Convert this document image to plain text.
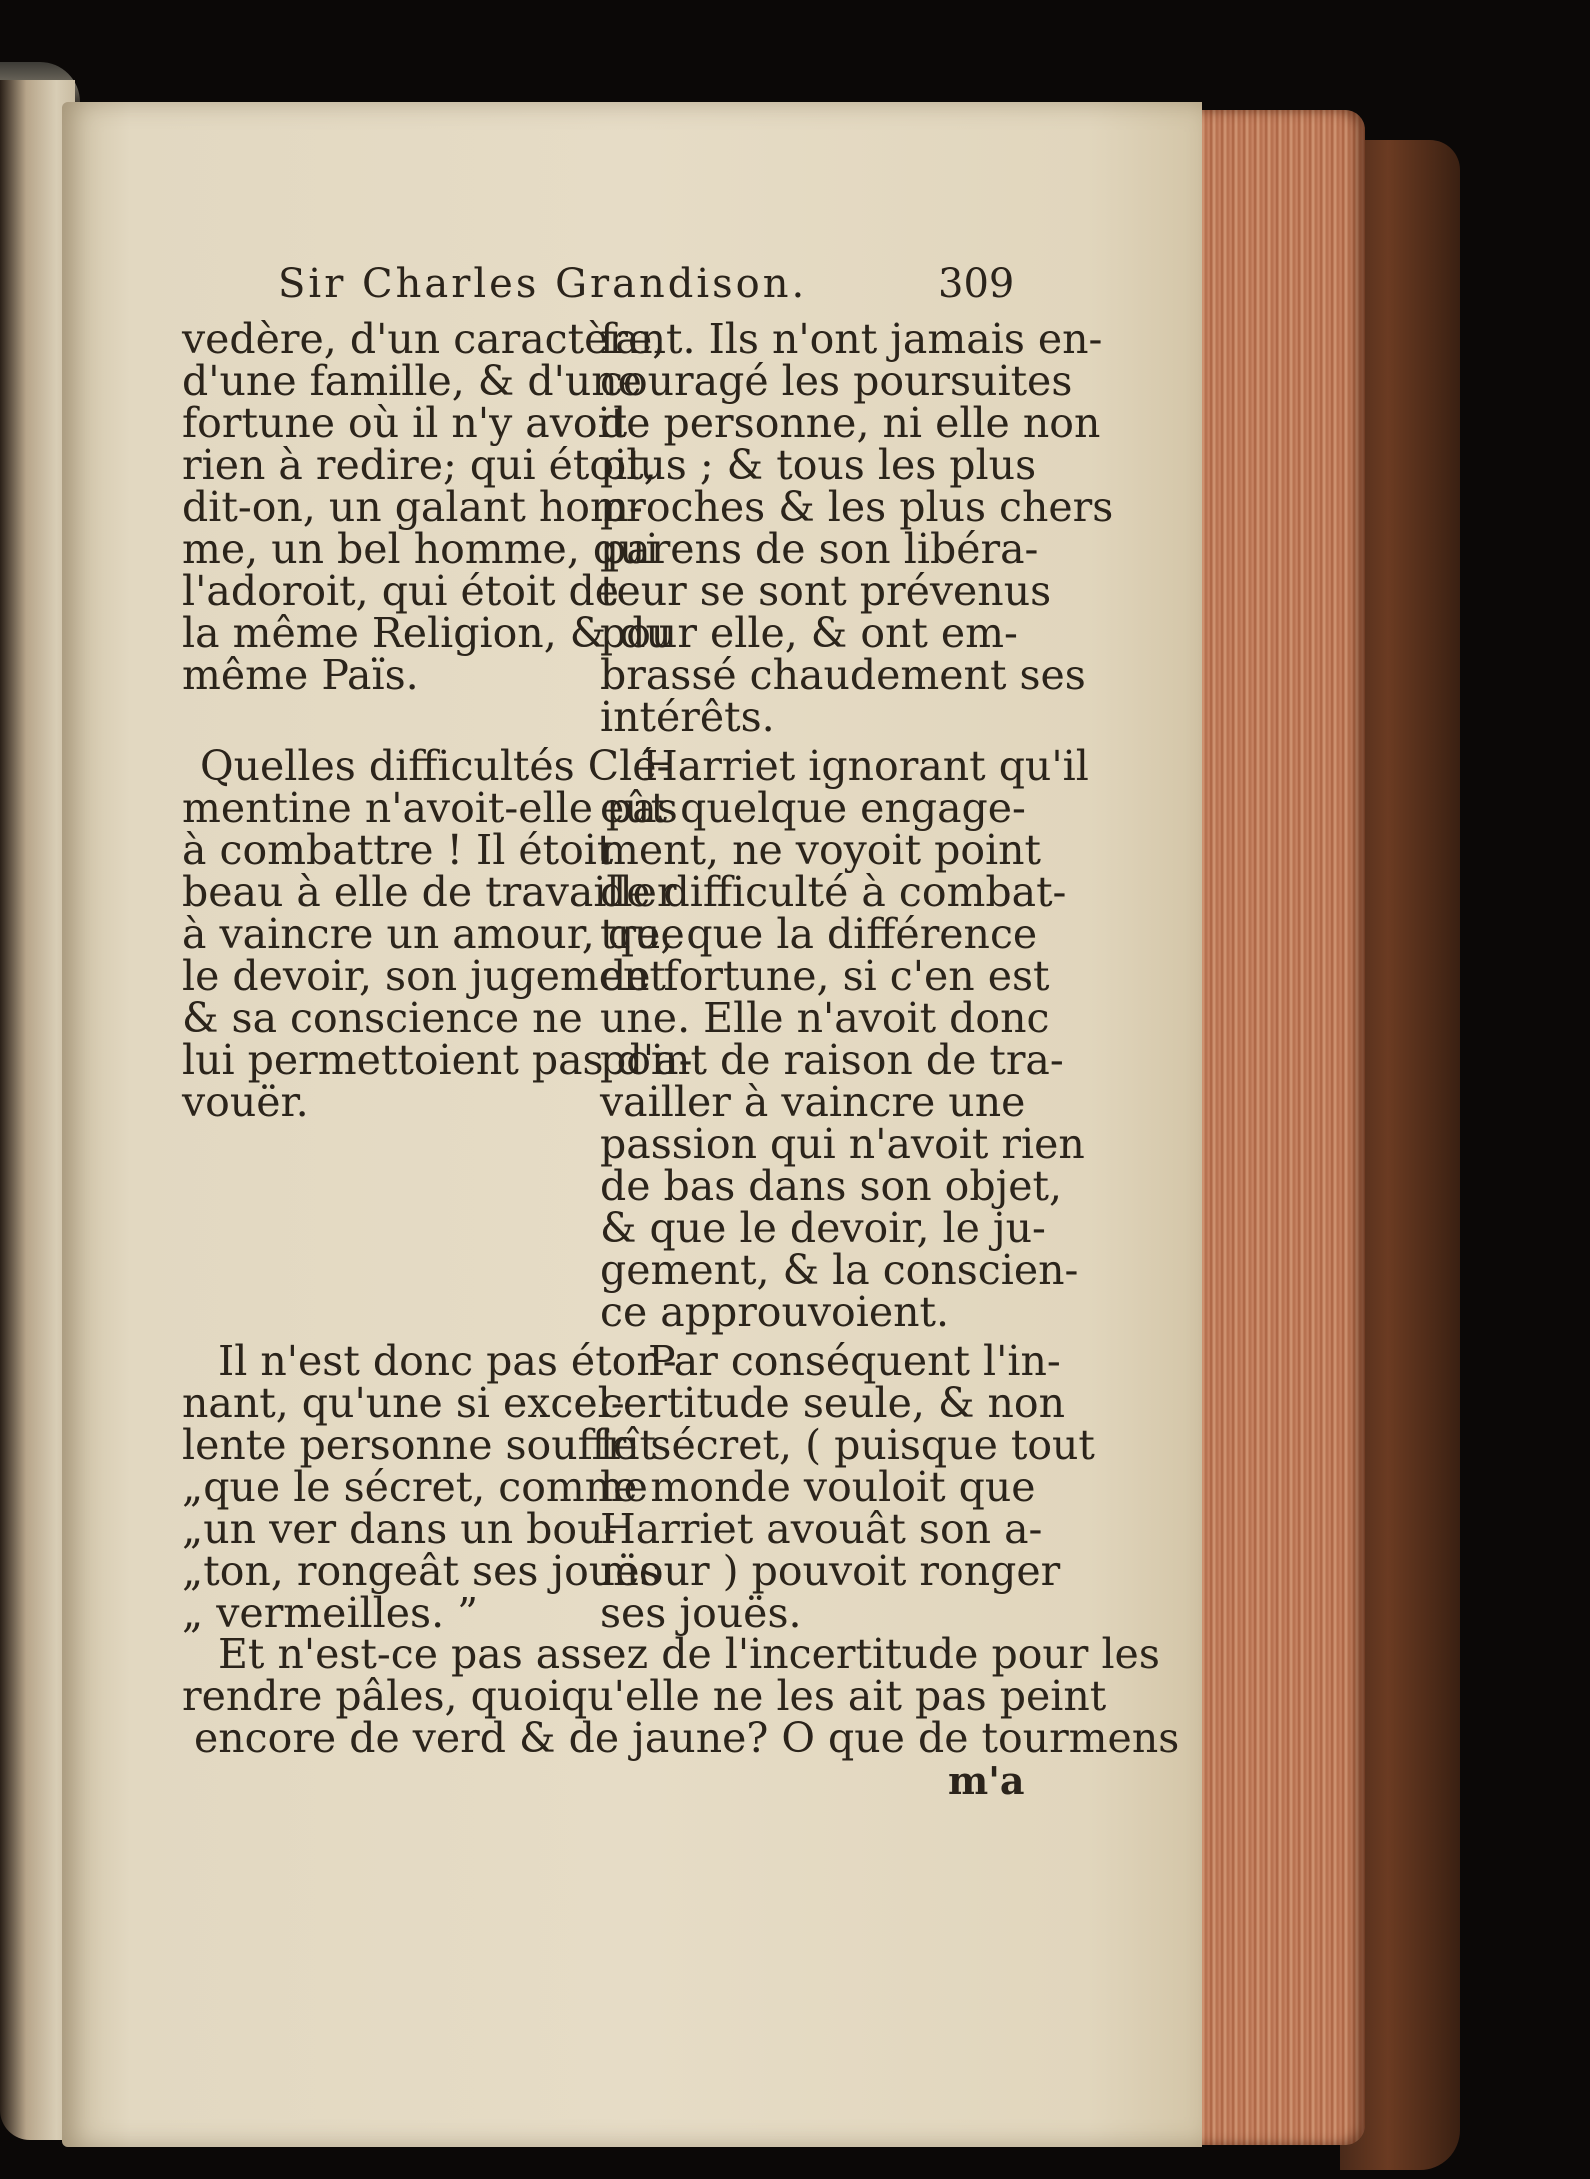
Sir Charles Grandison.	309
vedère, d'un caractère,
d'une famille, & d'une
fortune où il n'y avoit
rien à redire; qui étoit,
dit-on, un galant hom-
me, un bel homme, qui
l'adoroit, qui étoit de
la même Religion, & du
même Païs.
Quelles difficultés Clé-
mentine n'avoit-elle pas
à combattre ! Il étoit
beau à elle de travailler
à vaincre un amour, que
le devoir, son jugement
& sa conscience ne
lui permettoient pas d'a-
vouër.
Il n'est donc pas éton-
nant, qu'une si excel-
lente personne souffrît
„que le sécret, comme
„un ver dans un bou-
„ton, rongeât ses jouës
„ vermeilles. ”
fant. Ils n'ont jamais en-
couragé les poursuites
de personne, ni elle non
plus ; & tous les plus
proches & les plus chers
parens de son libéra-
teur se sont prévenus
pour elle, & ont em-
brassé chaudement ses
intérêts.
Harriet ignorant qu'il
eût quelque engage-
ment, ne voyoit point
de difficulté à combat-
tre, que la différence
de fortune, si c'en est
une. Elle n'avoit donc
point de raison de tra-
vailler à vaincre une
passion qui n'avoit rien
de bas dans son objet,
& que le devoir, le ju-
gement, & la conscien-
ce approuvoient.
Par conséquent l'in-
certitude seule, & non
le sécret, ( puisque tout
le monde vouloit que
Harriet avouât son a-
mour ) pouvoit ronger
ses jouës.
Et n'est-ce pas assez de l'incertitude pour les
rendre pâles, quoiqu'elle ne les ait pas peint
encore de verd & de jaune? O que de tourmens
m'a
